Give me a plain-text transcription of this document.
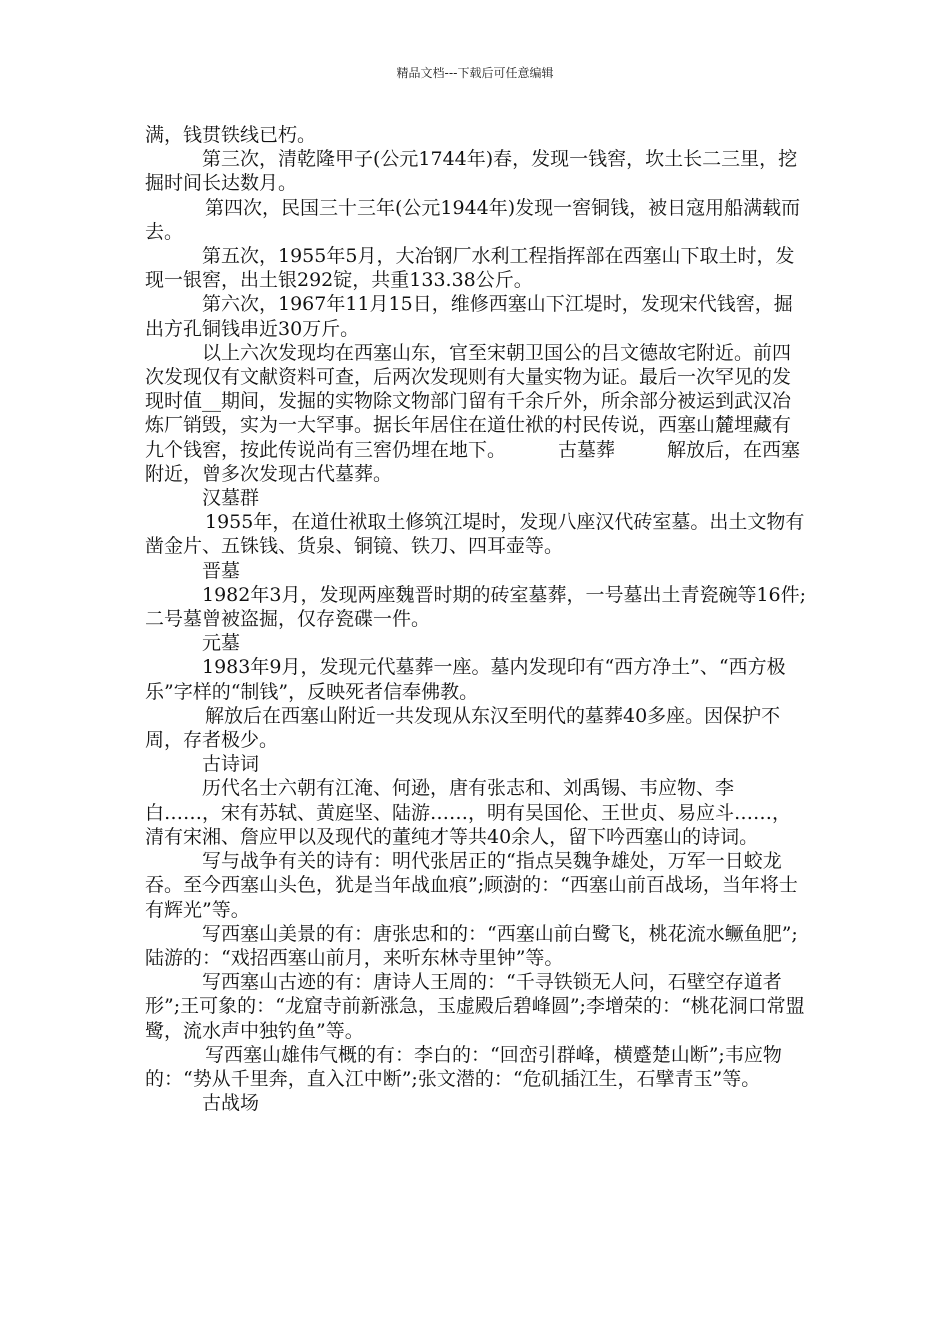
精品文档---下载后可任意编辑

满，钱贯铁线已朽。

第三次，清乾隆甲子(公元1744年)春，发现一钱窖，坎土长二三里，挖掘时间长达数月。

第四次，民国三十三年(公元1944年)发现一窖铜钱，被日寇用船满载而去。

第五次，1955年5月，大冶钢厂水利工程指挥部在西塞山下取土时，发现一银窖，出土银292锭，共重133.38公斤。

第六次，1967年11月15日，维修西塞山下江堤时，发现宋代钱窖，掘出方孔铜钱串近30万斤。

以上六次发现均在西塞山东，官至宋朝卫国公的吕文德故宅附近。前四次发现仅有文献资料可查，后两次发现则有大量实物为证。最后一次罕见的发现时值__期间，发掘的实物除文物部门留有千余斤外，所余部分被运到武汉冶炼厂销毁，实为一大罕事。据长年居住在道仕袱的村民传说，西塞山麓埋藏有九个钱窖，按此传说尚有三窖仍埋在地下。	古墓葬	解放后，在西塞附近，曾多次发现古代墓葬。

汉墓群

1955年，在道仕袱取土修筑江堤时，发现八座汉代砖室墓。出土文物有凿金片、五铢钱、货泉、铜镜、铁刀、四耳壶等。

晋墓

1982年3月，发现两座魏晋时期的砖室墓葬，一号墓出土青瓷碗等16件;二号墓曾被盗掘，仅存瓷碟一件。

元墓

1983年9月，发现元代墓葬一座。墓内发现印有“西方净土”、“西方极乐”字样的“制钱”，反映死者信奉佛教。

解放后在西塞山附近一共发现从东汉至明代的墓葬40多座。因保护不周，存者极少。

古诗词

历代名士六朝有江淹、何逊，唐有张志和、刘禹锡、韦应物、李白……，宋有苏轼、黄庭坚、陆游……，明有吴国伦、王世贞、易应斗……，清有宋湘、詹应甲以及现代的董纯才等共40余人，留下吟西塞山的诗词。

写与战争有关的诗有：明代张居正的“指点吴魏争雄处，万军一日蛟龙吞。至今西塞山头色，犹是当年战血痕”;顾澍的：“西塞山前百战场，当年将士有辉光”等。

写西塞山美景的有：唐张忠和的：“西塞山前白鹭飞，桃花流水鳜鱼肥”;陆游的：“戏招西塞山前月，来听东林寺里钟”等。

写西塞山古迹的有：唐诗人王周的：“千寻铁锁无人问，石壁空存道者形”;王可象的：“龙窟寺前新涨急，玉虚殿后碧峰圆”;李增荣的：“桃花洞口常盟鹭，流水声中独钓鱼”等。

写西塞山雄伟气概的有：李白的：“回峦引群峰，横蹙楚山断”;韦应物的：“势从千里奔，直入江中断”;张文潜的：“危矶插江生，石擘青玉”等。

古战场
